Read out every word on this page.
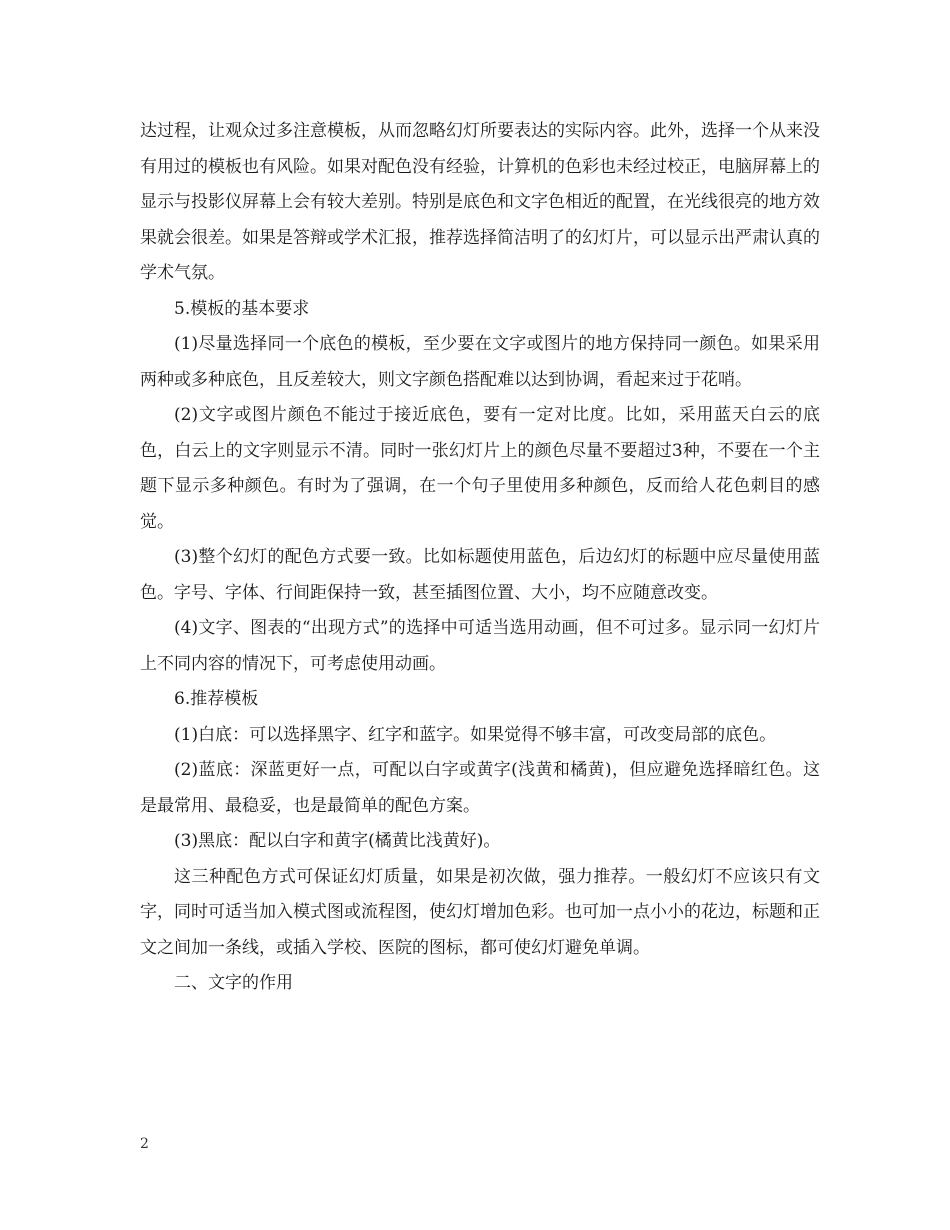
达过程，让观众过多注意模板，从而忽略幻灯所要表达的实际内容。此外，选择一个从来没有用过的模板也有风险。如果对配色没有经验，计算机的色彩也未经过校正，电脑屏幕上的显示与投影仪屏幕上会有较大差别。特别是底色和文字色相近的配置，在光线很亮的地方效果就会很差。如果是答辩或学术汇报，推荐选择简洁明了的幻灯片，可以显示出严肃认真的学术气氛。

5.模板的基本要求

(1)尽量选择同一个底色的模板，至少要在文字或图片的地方保持同一颜色。如果采用两种或多种底色，且反差较大，则文字颜色搭配难以达到协调，看起来过于花哨。

(2)文字或图片颜色不能过于接近底色，要有一定对比度。比如，采用蓝天白云的底色，白云上的文字则显示不清。同时一张幻灯片上的颜色尽量不要超过3种，不要在一个主题下显示多种颜色。有时为了强调，在一个句子里使用多种颜色，反而给人花色刺目的感觉。

(3)整个幻灯的配色方式要一致。比如标题使用蓝色，后边幻灯的标题中应尽量使用蓝色。字号、字体、行间距保持一致，甚至插图位置、大小，均不应随意改变。

(4)文字、图表的“出现方式”的选择中可适当选用动画，但不可过多。显示同一幻灯片上不同内容的情况下，可考虑使用动画。

6.推荐模板

(1)白底：可以选择黑字、红字和蓝字。如果觉得不够丰富，可改变局部的底色。

(2)蓝底：深蓝更好一点，可配以白字或黄字(浅黄和橘黄)，但应避免选择暗红色。这是最常用、最稳妥，也是最简单的配色方案。

(3)黑底：配以白字和黄字(橘黄比浅黄好)。

这三种配色方式可保证幻灯质量，如果是初次做，强力推荐。一般幻灯不应该只有文字，同时可适当加入模式图或流程图，使幻灯增加色彩。也可加一点小小的花边，标题和正文之间加一条线，或插入学校、医院的图标，都可使幻灯避免单调。

二、文字的作用

2
